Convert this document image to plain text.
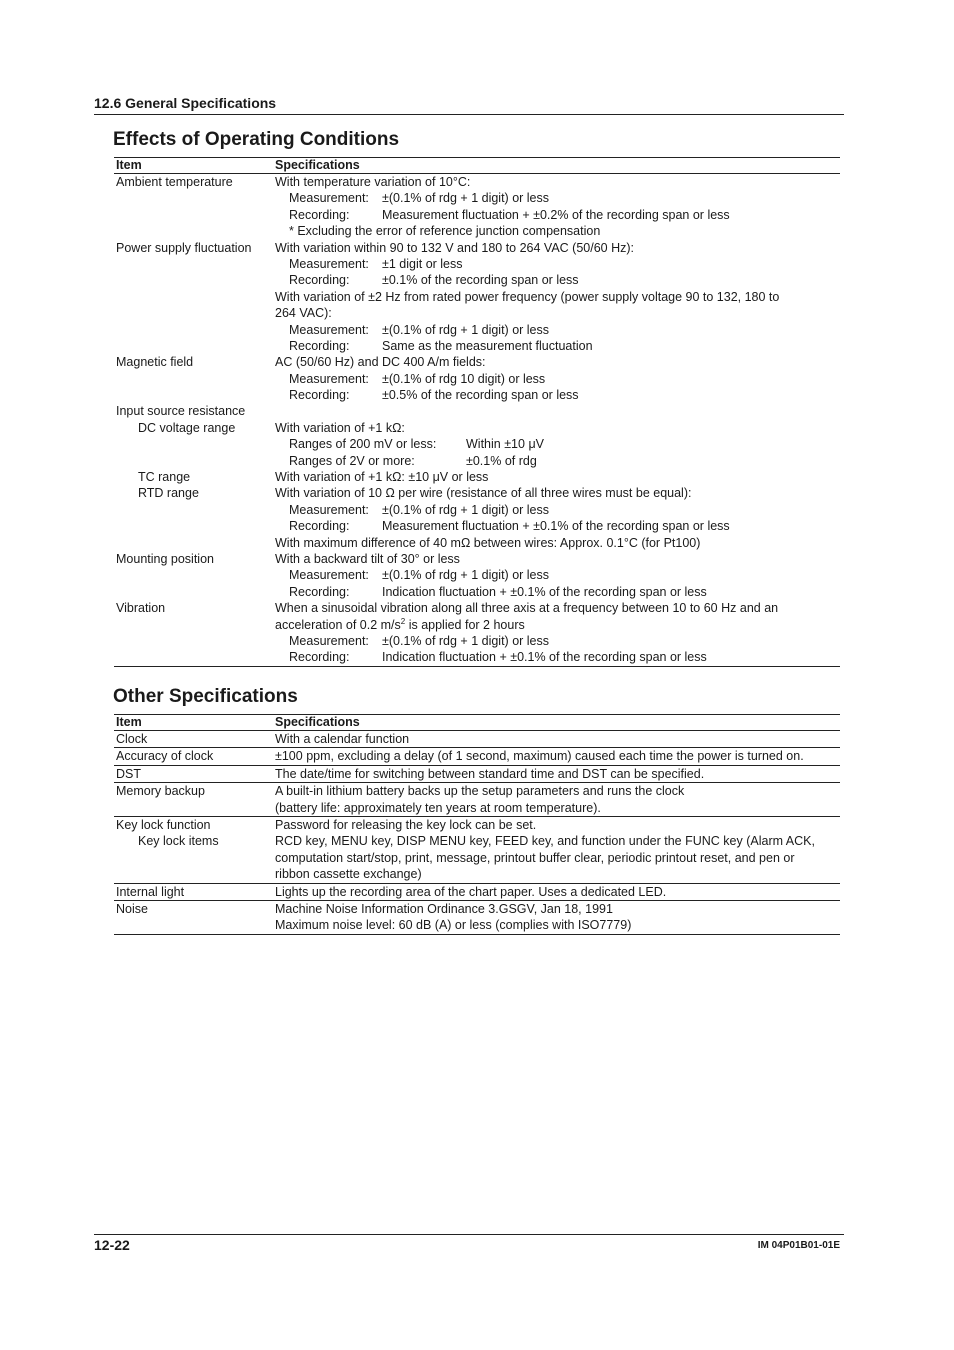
12.6 General Specifications
Effects of Operating Conditions
Item	Specifications
Ambient temperature	With temperature variation of 10°C:
Measurement: ±(0.1% of rdg + 1 digit) or less
Recording:	Measurement fluctuation + ±0.2% of the recording span or less
* Excluding the error of reference junction compensation
Power supply fluctuation With variation within 90 to 132 V and 180 to 264 VAC (50/60 Hz):
Measurement: ±1 digit or less
Recording:	±0.1% of the recording span or less
With variation of ±2 Hz from rated power frequency (power supply voltage 90 to 132, 180 to
264 VAC):
Measurement: ±(0.1% of rdg + 1 digit) or less
Recording:	Same as the measurement fluctuation
Magnetic field	AC (50/60 Hz) and DC 400 A/m fields:
Measurement: ±(0.1% of rdg 10 digit) or less
Recording:	±0.5% of the recording span or less
Input source resistance
DC voltage range	With variation of +1 kΩ:
Ranges of 200 mV or less: Within ±10 μV
Ranges of 2V or more:	±0.1% of rdg
TC range	With variation of +1 kΩ: ±10 μV or less
RTD range	With variation of 10 Ω per wire (resistance of all three wires must be equal):
Measurement: ±(0.1% of rdg + 1 digit) or less
Recording:	Measurement fluctuation + ±0.1% of the recording span or less
With maximum difference of 40 mΩ between wires: Approx. 0.1°C (for Pt100)
Mounting position	With a backward tilt of 30° or less
Measurement: ±(0.1% of rdg + 1 digit) or less
Recording:	Indication fluctuation + ±0.1% of the recording span or less
Vibration	When a sinusoidal vibration along all three axis at a frequency between 10 to 60 Hz and an
acceleration of 0.2 $m/s^2$ is applied for 2 hours
Measurement: ±(0.1% of rdg + 1 digit) or less
Recording:	Indication fluctuation + ±0.1% of the recording span or less
Other Specifications
Item	Specifications
Clock	With a calendar function
Accuracy of clock	±100 ppm, excluding a delay (of 1 second, maximum) caused each time the power is turned on.
DST	The date/time for switching between standard time and DST can be specified.
Memory backup	A built-in lithium battery backs up the setup parameters and runs the clock
(battery life: approximately ten years at room temperature).
Key lock function	Password for releasing the key lock can be set.
Key lock items	RCD key, MENU key, DISP MENU key, FEED key, and function under the FUNC key (Alarm ACK,
computation start/stop, print, message, printout buffer clear, periodic printout reset, and pen or
ribbon cassette exchange)
Internal light	Lights up the recording area of the chart paper. Uses a dedicated LED.
Noise	Machine Noise Information Ordinance 3.GSGV, Jan 18, 1991
Maximum noise level: 60 dB (A) or less (complies with ISO7779)
12-22	IM 04P01B01-01E
